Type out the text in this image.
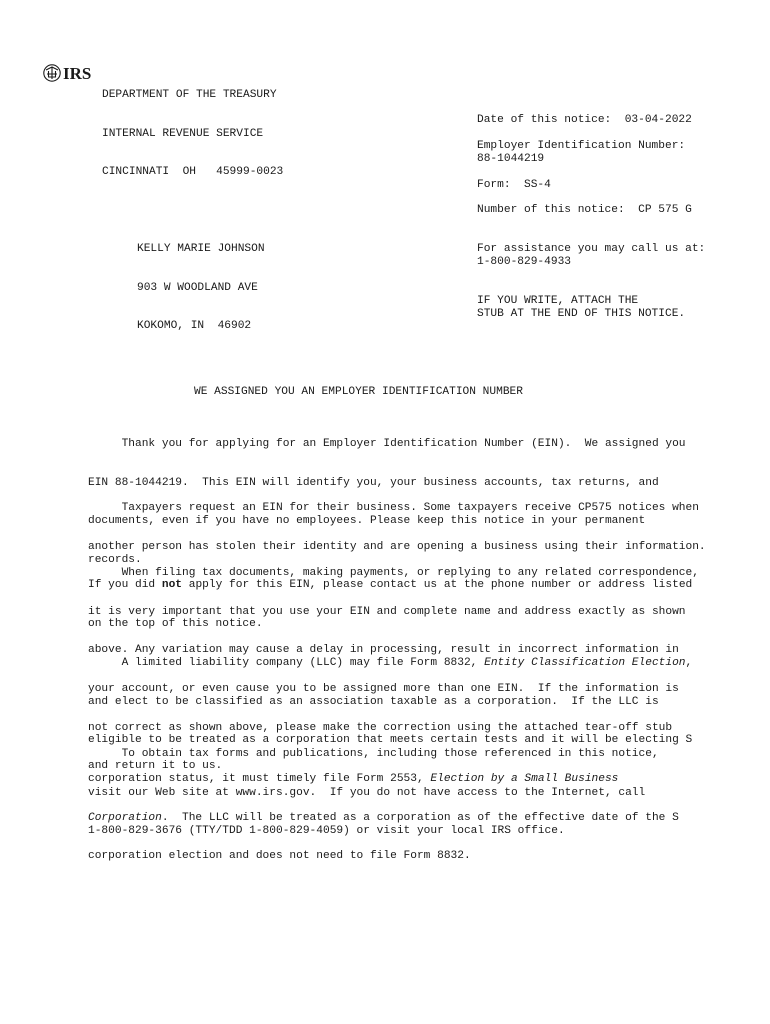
IRS

DEPARTMENT OF THE TREASURY

INTERNAL REVENUE SERVICE

CINCINNATI  OH   45999-0023

Date of this notice:  03-04-2022
Employer Identification Number:
88-1044219
Form:  SS-4
Number of this notice:  CP 575 G
For assistance you may call us at:
1-800-829-4933
IF YOU WRITE, ATTACH THE
STUB AT THE END OF THIS NOTICE.

KELLY MARIE JOHNSON

903 W WOODLAND AVE

KOKOMO, IN  46902

WE ASSIGNED YOU AN EMPLOYER IDENTIFICATION NUMBER

Thank you for applying for an Employer Identification Number (EIN).  We assigned you

EIN 88-1044219.  This EIN will identify you, your business accounts, tax returns, and

documents, even if you have no employees. Please keep this notice in your permanent

records.

Taxpayers request an EIN for their business. Some taxpayers receive CP575 notices when

another person has stolen their identity and are opening a business using their information.

If you did not apply for this EIN, please contact us at the phone number or address listed

on the top of this notice.

When filing tax documents, making payments, or replying to any related correspondence,

it is very important that you use your EIN and complete name and address exactly as shown

above. Any variation may cause a delay in processing, result in incorrect information in

your account, or even cause you to be assigned more than one EIN.  If the information is

not correct as shown above, please make the correction using the attached tear-off stub

and return it to us.

A limited liability company (LLC) may file Form 8832, Entity Classification Election,

and elect to be classified as an association taxable as a corporation.  If the LLC is

eligible to be treated as a corporation that meets certain tests and it will be electing S

corporation status, it must timely file Form 2553, Election by a Small Business

Corporation.  The LLC will be treated as a corporation as of the effective date of the S

corporation election and does not need to file Form 8832.

To obtain tax forms and publications, including those referenced in this notice,

visit our Web site at www.irs.gov.  If you do not have access to the Internet, call

1-800-829-3676 (TTY/TDD 1-800-829-4059) or visit your local IRS office.
